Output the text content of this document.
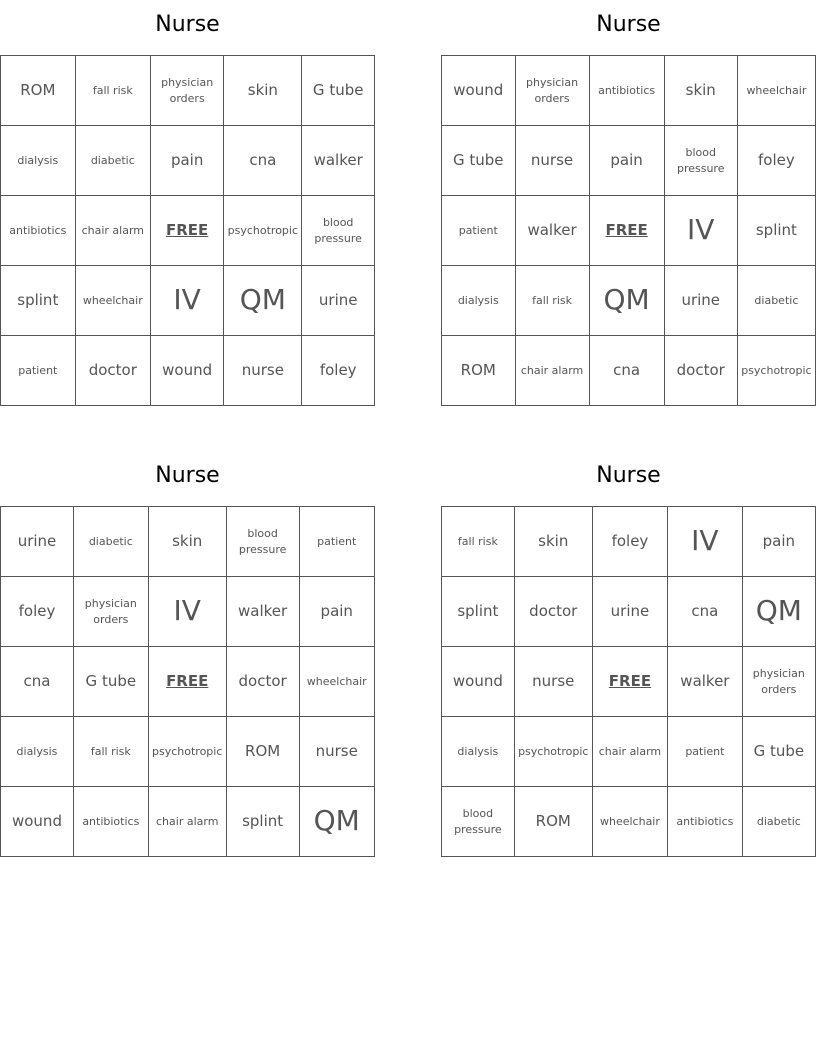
Nurse
ROM	fall risk	physician orders	skin	G tube
dialysis	diabetic	pain	cna	walker
antibiotics	chair alarm	FREE	psychotropic	blood pressure
splint	wheelchair	IV	QM	urine
patient	doctor	wound	nurse	foley
Nurse
wound	physician orders	antibiotics	skin	wheelchair
G tube	nurse	pain	blood pressure	foley
patient	walker	FREE	IV	splint
dialysis	fall risk	QM	urine	diabetic
ROM	chair alarm	cna	doctor	psychotropic
Nurse
urine	diabetic	skin	blood pressure	patient
foley	physician orders	IV	walker	pain
cna	G tube	FREE	doctor	wheelchair
dialysis	fall risk	psychotropic	ROM	nurse
wound	antibiotics	chair alarm	splint	QM
Nurse
fall risk	skin	foley	IV	pain
splint	doctor	urine	cna	QM
wound	nurse	FREE	walker	physician orders
dialysis	psychotropic	chair alarm	patient	G tube
blood pressure	ROM	wheelchair	antibiotics	diabetic
